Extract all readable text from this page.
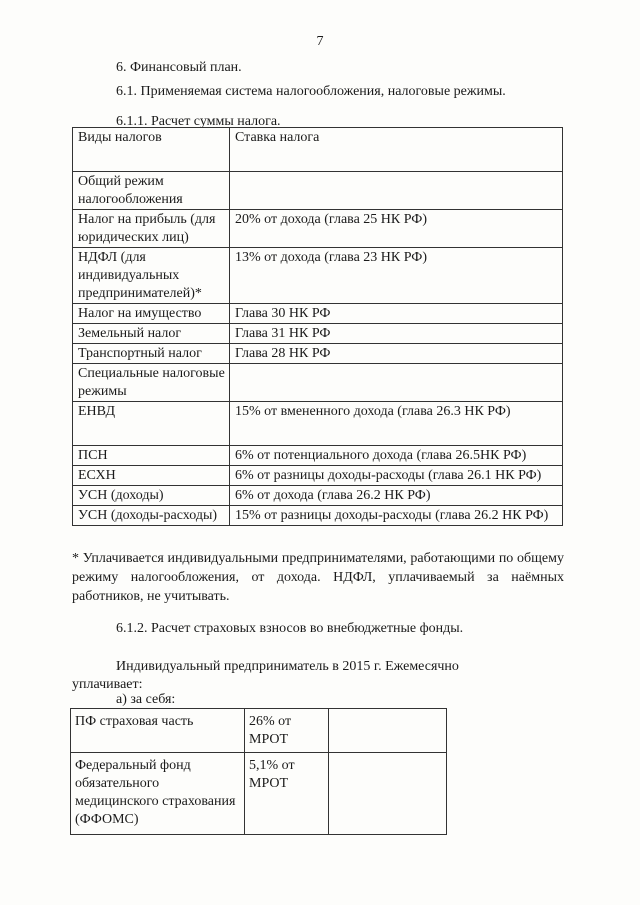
7
6. Финансовый план.
6.1. Применяемая система налогообложения, налоговые режимы.
6.1.1. Расчет суммы налога.
Виды налогов	Ставка налога
Общий режим налогообложения	
Налог на прибыль (для юридических лиц)	20% от дохода (глава 25 НК РФ)
НДФЛ (для индивидуальных предпринимателей)*	13% от дохода (глава 23 НК РФ)
Налог на имущество	Глава 30 НК РФ
Земельный налог	Глава 31 НК РФ
Транспортный налог	Глава 28 НК РФ
Специальные налоговые режимы	
ЕНВД	15% от вмененного дохода (глава 26.3 НК РФ)
ПСН	6% от потенциального дохода (глава 26.5НК РФ)
ЕСХН	6% от разницы доходы-расходы (глава 26.1 НК РФ)
УСН (доходы)	6% от дохода (глава 26.2 НК РФ)
УСН (доходы-расходы)	15% от разницы доходы-расходы (глава 26.2 НК РФ)
* Уплачивается индивидуальными предпринимателями, работающими по общему режиму налогообложения, от дохода. НДФЛ, уплачиваемый за наёмных работников, не учитывать.
6.1.2. Расчет страховых взносов во внебюджетные фонды.
Индивидуальный предприниматель в 2015 г. Ежемесячно
уплачивает:
а) за себя:
ПФ страховая часть	26% от МРОТ	
Федеральный фонд обязательного медицинского страхования (ФФОМС)	5,1% от МРОТ	
